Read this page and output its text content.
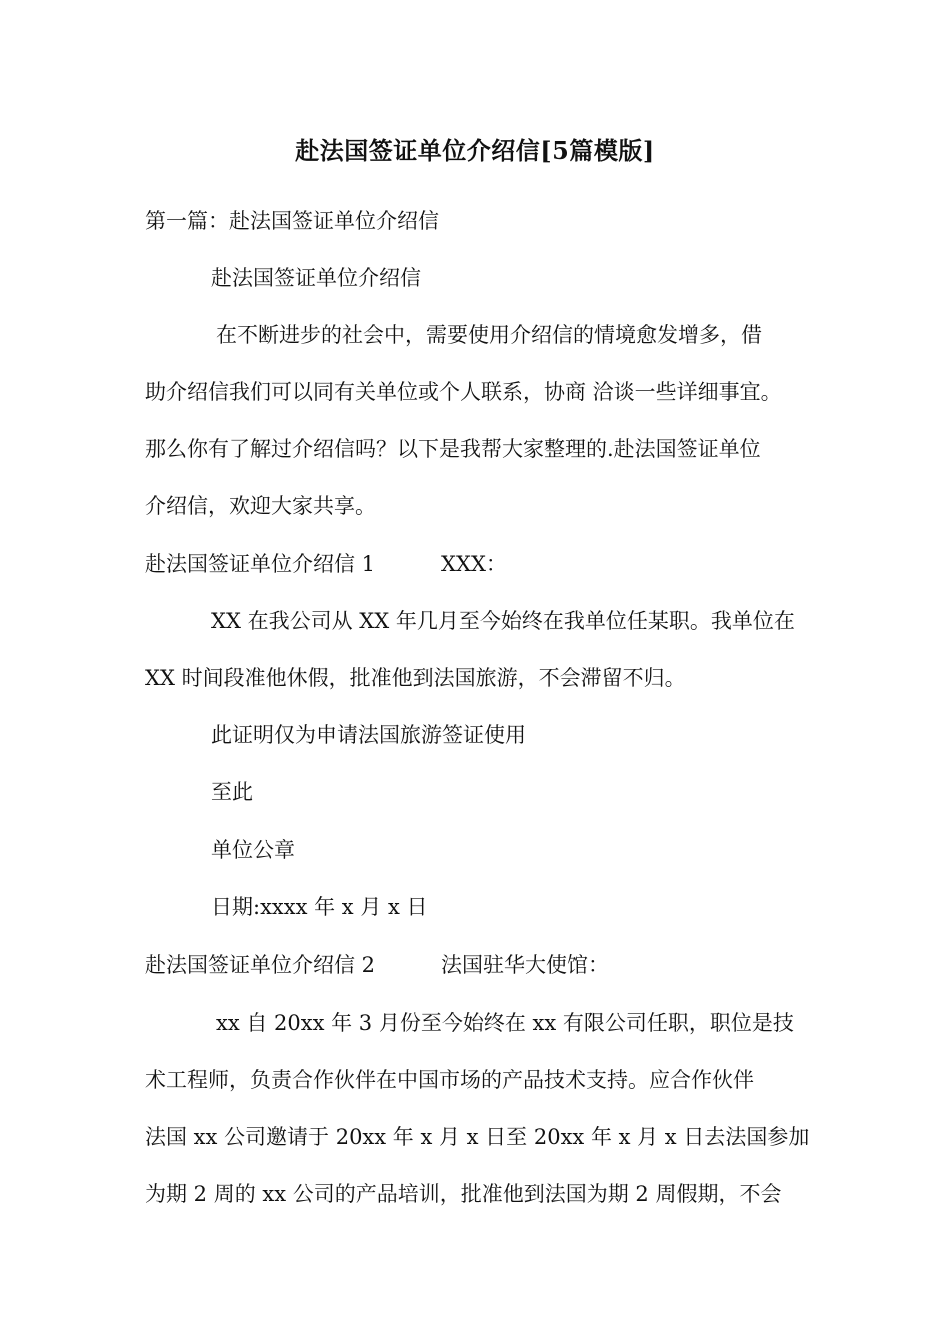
赴法国签证单位介绍信[5篇模版]
第一篇：赴法国签证单位介绍信
赴法国签证单位介绍信
在不断进步的社会中，需要使用介绍信的情境愈发增多，借
助介绍信我们可以同有关单位或个人联系，协商 洽谈一些详细事宜。
那么你有了解过介绍信吗？以下是我帮大家整理的.赴法国签证单位
介绍信，欢迎大家共享。
赴法国签证单位介绍信 1	XXX：
XX 在我公司从 XX 年几月至今始终在我单位任某职。我单位在
XX 时间段准他休假，批准他到法国旅游，不会滞留不归。
此证明仅为申请法国旅游签证使用
至此
单位公章
日期:xxxx 年 x 月 x 日
赴法国签证单位介绍信 2	法国驻华大使馆：
xx 自 20xx 年 3 月份至今始终在 xx 有限公司任职，职位是技
术工程师，负责合作伙伴在中国市场的产品技术支持。应合作伙伴
法国 xx 公司邀请于 20xx 年 x 月 x 日至 20xx 年 x 月 x 日去法国参加
为期 2 周的 xx 公司的产品培训，批准他到法国为期 2 周假期，不会
